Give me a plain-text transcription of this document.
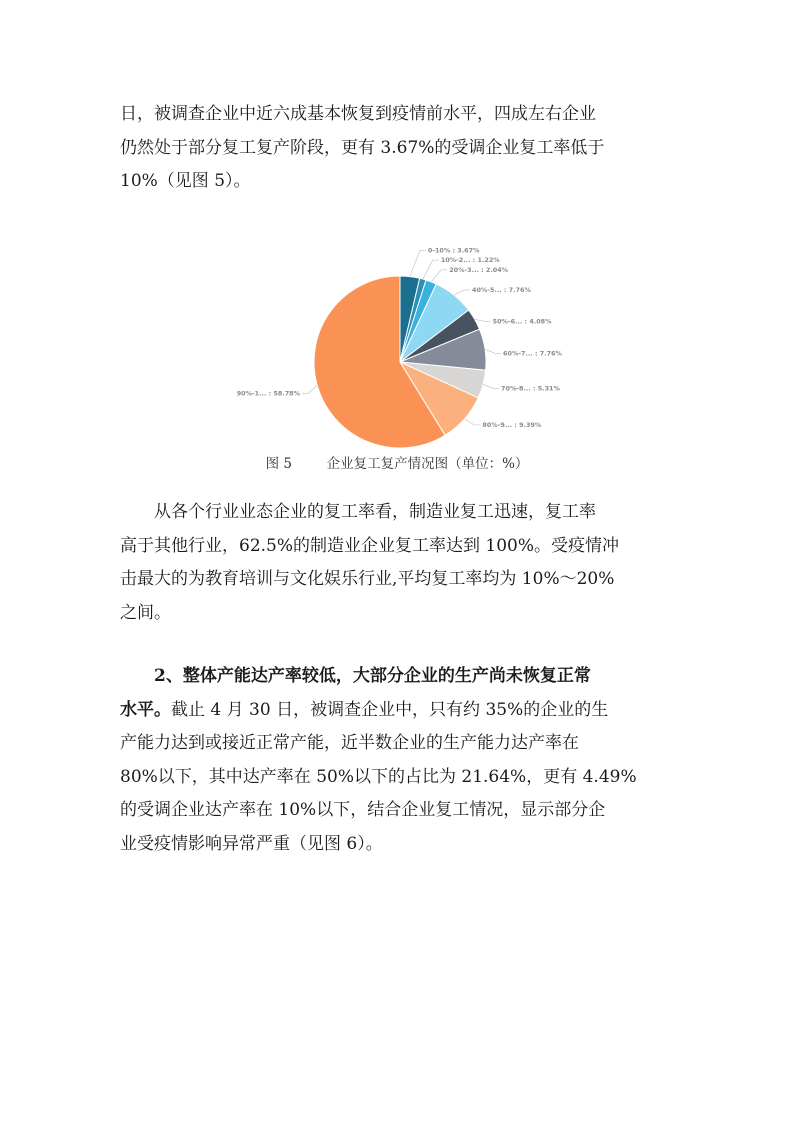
日，被调查企业中近六成基本恢复到疫情前水平，四成左右企业

仍然处于部分复工复产阶段，更有 3.67%的受调企业复工率低于

10%（见图 5）。

0-10% : 3.67%
10%-2... : 1.22%
20%-3... : 2.04%
40%-5... : 7.76%
50%-6... : 4.08%
60%-7... : 7.76%
70%-8... : 5.31%
80%-9... : 9.39%
90%-1... : 58.78%
图 5	企业复工复产情况图（单位：%）

从各个行业业态企业的复工率看，制造业复工迅速，复工率

高于其他行业，62.5%的制造业企业复工率达到 100%。受疫情冲

击最大的为教育培训与文化娱乐行业,平均复工率均为 10%～20%

之间。

2、整体产能达产率较低，大部分企业的生产尚未恢复正常

水平。截止 4 月 30 日，被调查企业中，只有约 35%的企业的生

产能力达到或接近正常产能，近半数企业的生产能力达产率在

80%以下，其中达产率在 50%以下的占比为 21.64%，更有 4.49%

的受调企业达产率在 10%以下，结合企业复工情况，显示部分企

业受疫情影响异常严重（见图 6）。
